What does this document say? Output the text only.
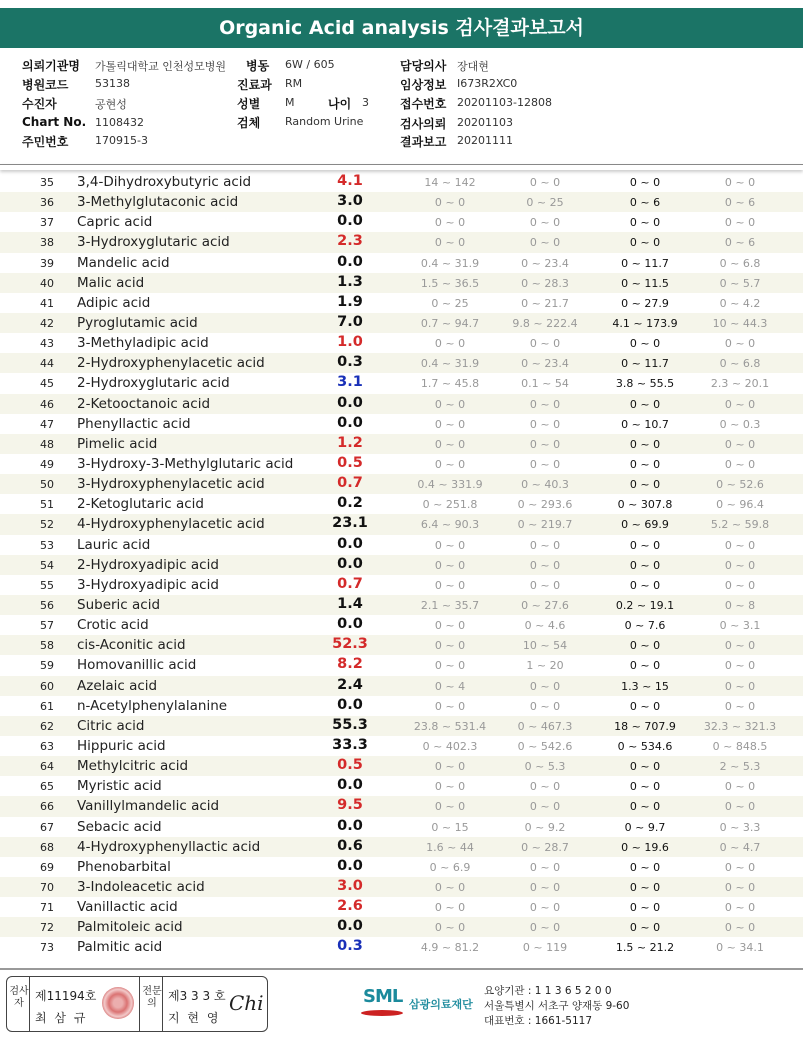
Organic Acid analysis 검사결과보고서
의뢰기관명 가톨릭대학교 인천성모병원 병동 6W / 605	담당의사 장대현
병원코드 53138	진료과 RM	임상정보 I673R2XC0
수진자	공현성	성별 M	나이 3	접수번호 20201103-12808
Chart No. 1108432	검체 Random Urine	검사의뢰 20201103
주민번호 170915-3	결과보고 20201111
35 3,4-Dihydroxybutyric acid	4.1	14 ~ 142	0 ~ 0	0 ~ 0	0 ~ 0
36 3-Methylglutaconic acid	3.0	0 ~ 0	0 ~ 25	0 ~ 6	0 ~ 6
37 Capric acid	0.0	0 ~ 0	0 ~ 0	0 ~ 0	0 ~ 0
38 3-Hydroxyglutaric acid	2.3	0 ~ 0	0 ~ 0	0 ~ 0	0 ~ 6
39 Mandelic acid	0.0	0.4 ~ 31.9	0 ~ 23.4	0 ~ 11.7	0 ~ 6.8
40 Malic acid	1.3	1.5 ~ 36.5	0 ~ 28.3	0 ~ 11.5	0 ~ 5.7
41 Adipic acid	1.9	0 ~ 25	0 ~ 21.7	0 ~ 27.9	0 ~ 4.2
42 Pyroglutamic acid	7.0	0.7 ~ 94.7	9.8 ~ 222.4	4.1 ~ 173.9	10 ~ 44.3
43 3-Methyladipic acid	1.0	0 ~ 0	0 ~ 0	0 ~ 0	0 ~ 0
44 2-Hydroxyphenylacetic acid	0.3	0.4 ~ 31.9	0 ~ 23.4	0 ~ 11.7	0 ~ 6.8
45 2-Hydroxyglutaric acid	3.1	1.7 ~ 45.8	0.1 ~ 54	3.8 ~ 55.5	2.3 ~ 20.1
46 2-Ketooctanoic acid	0.0	0 ~ 0	0 ~ 0	0 ~ 0	0 ~ 0
47 Phenyllactic acid	0.0	0 ~ 0	0 ~ 0	0 ~ 10.7	0 ~ 0.3
48 Pimelic acid	1.2	0 ~ 0	0 ~ 0	0 ~ 0	0 ~ 0
49 3-Hydroxy-3-Methylglutaric acid	0.5	0 ~ 0	0 ~ 0	0 ~ 0	0 ~ 0
50 3-Hydroxyphenylacetic acid	0.7	0.4 ~ 331.9	0 ~ 40.3	0 ~ 0	0 ~ 52.6
51 2-Ketoglutaric acid	0.2	0 ~ 251.8	0 ~ 293.6	0 ~ 307.8	0 ~ 96.4
52 4-Hydroxyphenylacetic acid	23.1	6.4 ~ 90.3	0 ~ 219.7	0 ~ 69.9	5.2 ~ 59.8
53 Lauric acid	0.0	0 ~ 0	0 ~ 0	0 ~ 0	0 ~ 0
54 2-Hydroxyadipic acid	0.0	0 ~ 0	0 ~ 0	0 ~ 0	0 ~ 0
55 3-Hydroxyadipic acid	0.7	0 ~ 0	0 ~ 0	0 ~ 0	0 ~ 0
56 Suberic acid	1.4	2.1 ~ 35.7	0 ~ 27.6	0.2 ~ 19.1	0 ~ 8
57 Crotic acid	0.0	0 ~ 0	0 ~ 4.6	0 ~ 7.6	0 ~ 3.1
58 cis-Aconitic acid	52.3	0 ~ 0	10 ~ 54	0 ~ 0	0 ~ 0
59 Homovanillic acid	8.2	0 ~ 0	1 ~ 20	0 ~ 0	0 ~ 0
60 Azelaic acid	2.4	0 ~ 4	0 ~ 0	1.3 ~ 15	0 ~ 0
61 n-Acetylphenylalanine	0.0	0 ~ 0	0 ~ 0	0 ~ 0	0 ~ 0
62 Citric acid	55.3	23.8 ~ 531.4	0 ~ 467.3	18 ~ 707.9	32.3 ~ 321.3
63 Hippuric acid	33.3	0 ~ 402.3	0 ~ 542.6	0 ~ 534.6	0 ~ 848.5
64 Methylcitric acid	0.5	0 ~ 0	0 ~ 5.3	0 ~ 0	2 ~ 5.3
65 Myristic acid	0.0	0 ~ 0	0 ~ 0	0 ~ 0	0 ~ 0
66 Vanillylmandelic acid	9.5	0 ~ 0	0 ~ 0	0 ~ 0	0 ~ 0
67 Sebacic acid	0.0	0 ~ 15	0 ~ 9.2	0 ~ 9.7	0 ~ 3.3
68 4-Hydroxyphenyllactic acid	0.6	1.6 ~ 44	0 ~ 28.7	0 ~ 19.6	0 ~ 4.7
69 Phenobarbital	0.0	0 ~ 6.9	0 ~ 0	0 ~ 0	0 ~ 0
70 3-Indoleacetic acid	3.0	0 ~ 0	0 ~ 0	0 ~ 0	0 ~ 0
71 Vanillactic acid	2.6	0 ~ 0	0 ~ 0	0 ~ 0	0 ~ 0
72 Palmitoleic acid	0.0	0 ~ 0	0 ~ 0	0 ~ 0	0 ~ 0
73 Palmitic acid	0.3	4.9 ~ 81.2	0 ~ 119	1.5 ~ 21.2	0 ~ 34.1
검사자
제11194호
최 삼 규
전문의
제3 3 3 호
지 현 영
Chi	SML 삼광의료재단
요양기관 : 1 1 3 6 5 2 0 0
서울특별시 서초구 양재동 9-60
대표번호 : 1661-5117
